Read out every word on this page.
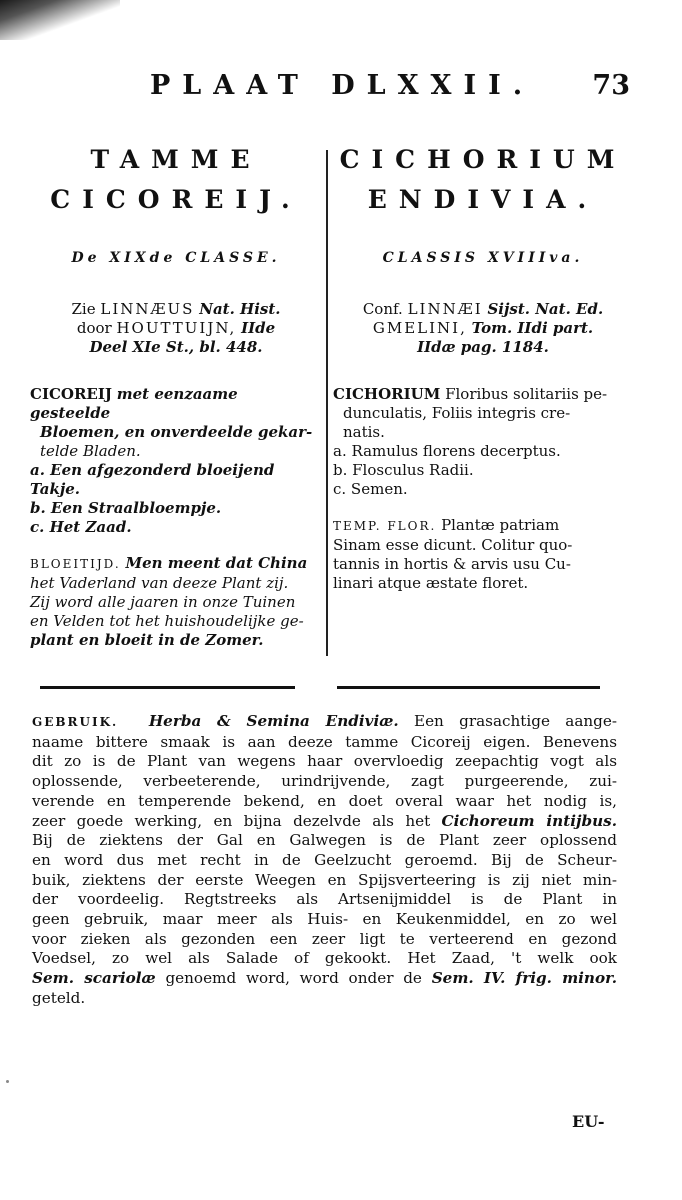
PLAAT DLXXII. 73
TAMME
CICOREIJ.
De XIXde CLASSE.
Zie LINNÆUS Nat. Hist.
door HOUTTUIJN, IIde
Deel XIe St., bl. 448.
CICOREIJ met eenzaame gesteelde
Bloemen, en onverdeelde gekar-
telde Bladen.
a. Een afgezonderd bloeijend Takje.
b. Een Straalbloempje.
c. Het Zaad.
BLOEITIJD. Men meent dat China
het Vaderland van deeze Plant zij.
Zij word alle jaaren in onze Tuinen
en Velden tot het huishoudelijke ge-
plant en bloeit in de Zomer.
CICHORIUM
ENDIVIA.
CLASSIS XVIIIva.
Conf. LINNÆI Sijst. Nat. Ed.
GMELINI, Tom. IIdi part.
IIdæ pag. 1184.
CICHORIUM Floribus solitariis pe-
dunculatis, Foliis integris cre-
natis.
a. Ramulus florens decerptus.
b. Flosculus Radii.
c. Semen.
TEMP. FLOR. Plantæ patriam
Sinam esse dicunt. Colitur quo-
tannis in hortis & arvis usu Cu-
linari atque æstate floret.
GEBRUIK. Herba & Semina Endiviæ. Een grasachtige aange-
naame bittere smaak is aan deeze tamme Cicoreij eigen. Benevens
dit zo is de Plant van wegens haar overvloedig zeepachtig vogt als
oplossende, verbeeterende, urindrijvende, zagt purgeerende, zui-
verende en temperende bekend, en doet overal waar het nodig is,
zeer goede werking, en bijna dezelvde als het Cichoreum intijbus.
Bij de ziektens der Gal en Galwegen is de Plant zeer oplossend
en word dus met recht in de Geelzucht geroemd. Bij de Scheur-
buik, ziektens der eerste Weegen en Spijsverteering is zij niet min-
der voordeelig. Regtstreeks als Artsenijmiddel is de Plant in
geen gebruik, maar meer als Huis- en Keukenmiddel, en zo wel
voor zieken als gezonden een zeer ligt te verteerend en gezond
Voedsel, zo wel als Salade of gekookt. Het Zaad, 't welk ook
Sem. scariolæ genoemd word, word onder de Sem. IV. frig. minor.
geteld.
EU-
